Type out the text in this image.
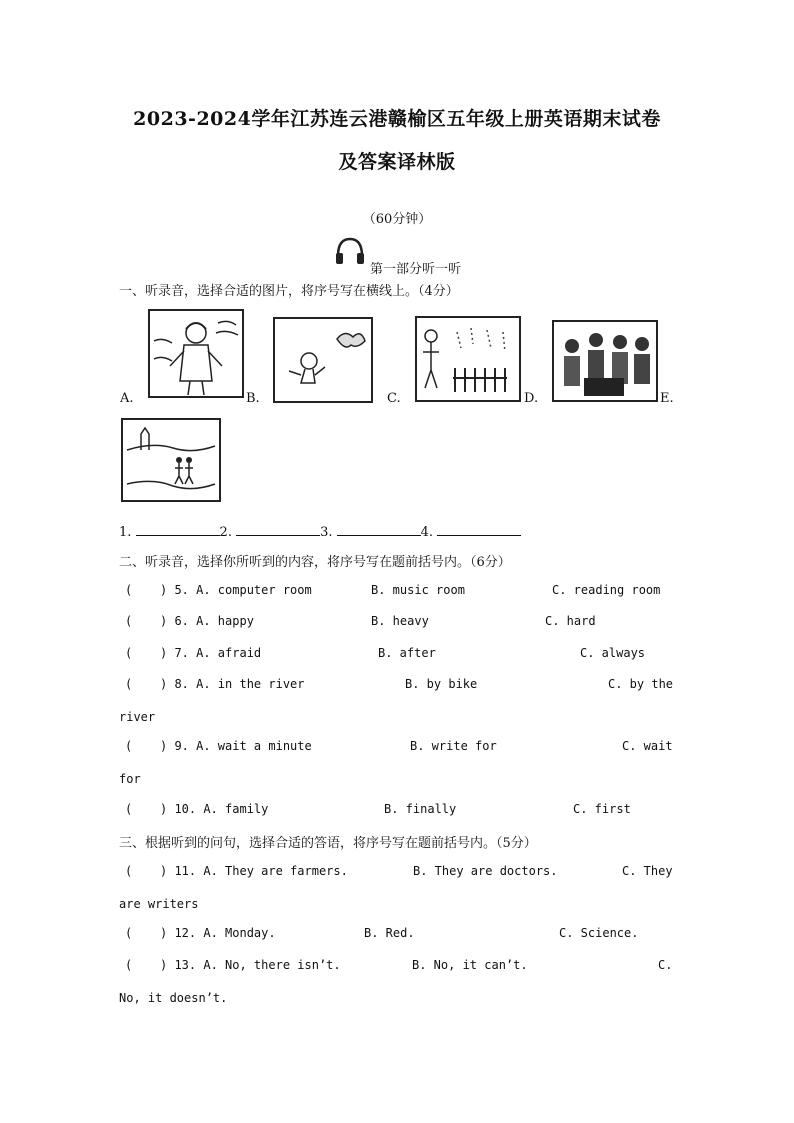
2023-2024学年江苏连云港赣榆区五年级上册英语期末试卷
及答案译林版
（60分钟）
第一部分听一听
一、听录音，选择合适的图片，将序号写在横线上。（4分）
A.	B.	C.	D.	E.
1.	2.	3.	4.
二、听录音，选择你所听到的内容，将序号写在题前括号内。（6分）
( ) 5. A. computer room	B. music room	C. reading room
( ) 6. A. happy	B. heavy	C. hard
( ) 7. A. afraid	B. after	C. always
( ) 8. A. in the river	B. by bike	C. by the
river
( ) 9. A. wait a minute	B. write for	C. wait
for
( ) 10. A. family	B. finally	C. first
三、根据听到的问句，选择合适的答语，将序号写在题前括号内。（5分）
( ) 11. A. They are farmers.	B. They are doctors.	C. They
are writers
( ) 12. A. Monday.	B. Red.	C. Science.
( ) 13. A. No, there isn’t.	B. No, it can’t.	C.
No, it doesn’t.
